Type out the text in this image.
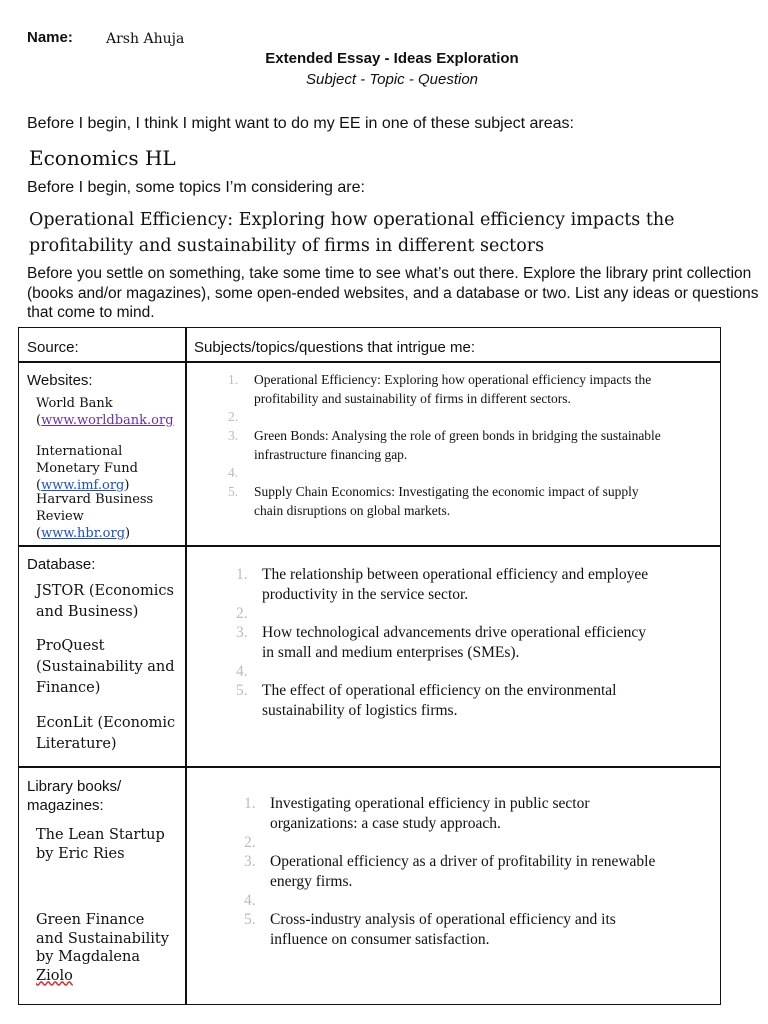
Name: Arsh Ahuja
Extended Essay - Ideas Exploration
Subject - Topic - Question
Before I begin, I think I might want to do my EE in one of these subject areas:
Economics HL
Before I begin, some topics I’m considering are:
Operational Efficiency: Exploring how operational efficiency impacts the profitability and sustainability of firms in different sectors
Before you settle on something, take some time to see what’s out there. Explore the library print collection (books and/or magazines), some open-ended websites, and a database or two. List any ideas or questions that come to mind.
Source:	Subjects/topics/questions that intrigue me:
Websites:
World Bank
(www.worldbank.org
International Monetary Fund (www.imf.org)
Harvard Business Review (www.hbr.org)
1. Operational Efficiency: Exploring how operational efficiency impacts the profitability and sustainability of firms in different sectors.
2.
3. Green Bonds: Analysing the role of green bonds in bridging the sustainable infrastructure financing gap.
4.
5. Supply Chain Economics: Investigating the economic impact of supply chain disruptions on global markets.
Database:
JSTOR (Economics and Business)
ProQuest (Sustainability and Finance)
EconLit (Economic Literature)
1. The relationship between operational efficiency and employee productivity in the service sector.
2.
3. How technological advancements drive operational efficiency in small and medium enterprises (SMEs).
4.
5. The effect of operational efficiency on the environmental sustainability of logistics firms.
Library books/ magazines:
The Lean Startup by Eric Ries
Green Finance and Sustainability by Magdalena Ziolo
1. Investigating operational efficiency in public sector organizations: a case study approach.
2.
3. Operational efficiency as a driver of profitability in renewable energy firms.
4.
5. Cross-industry analysis of operational efficiency and its influence on consumer satisfaction.
